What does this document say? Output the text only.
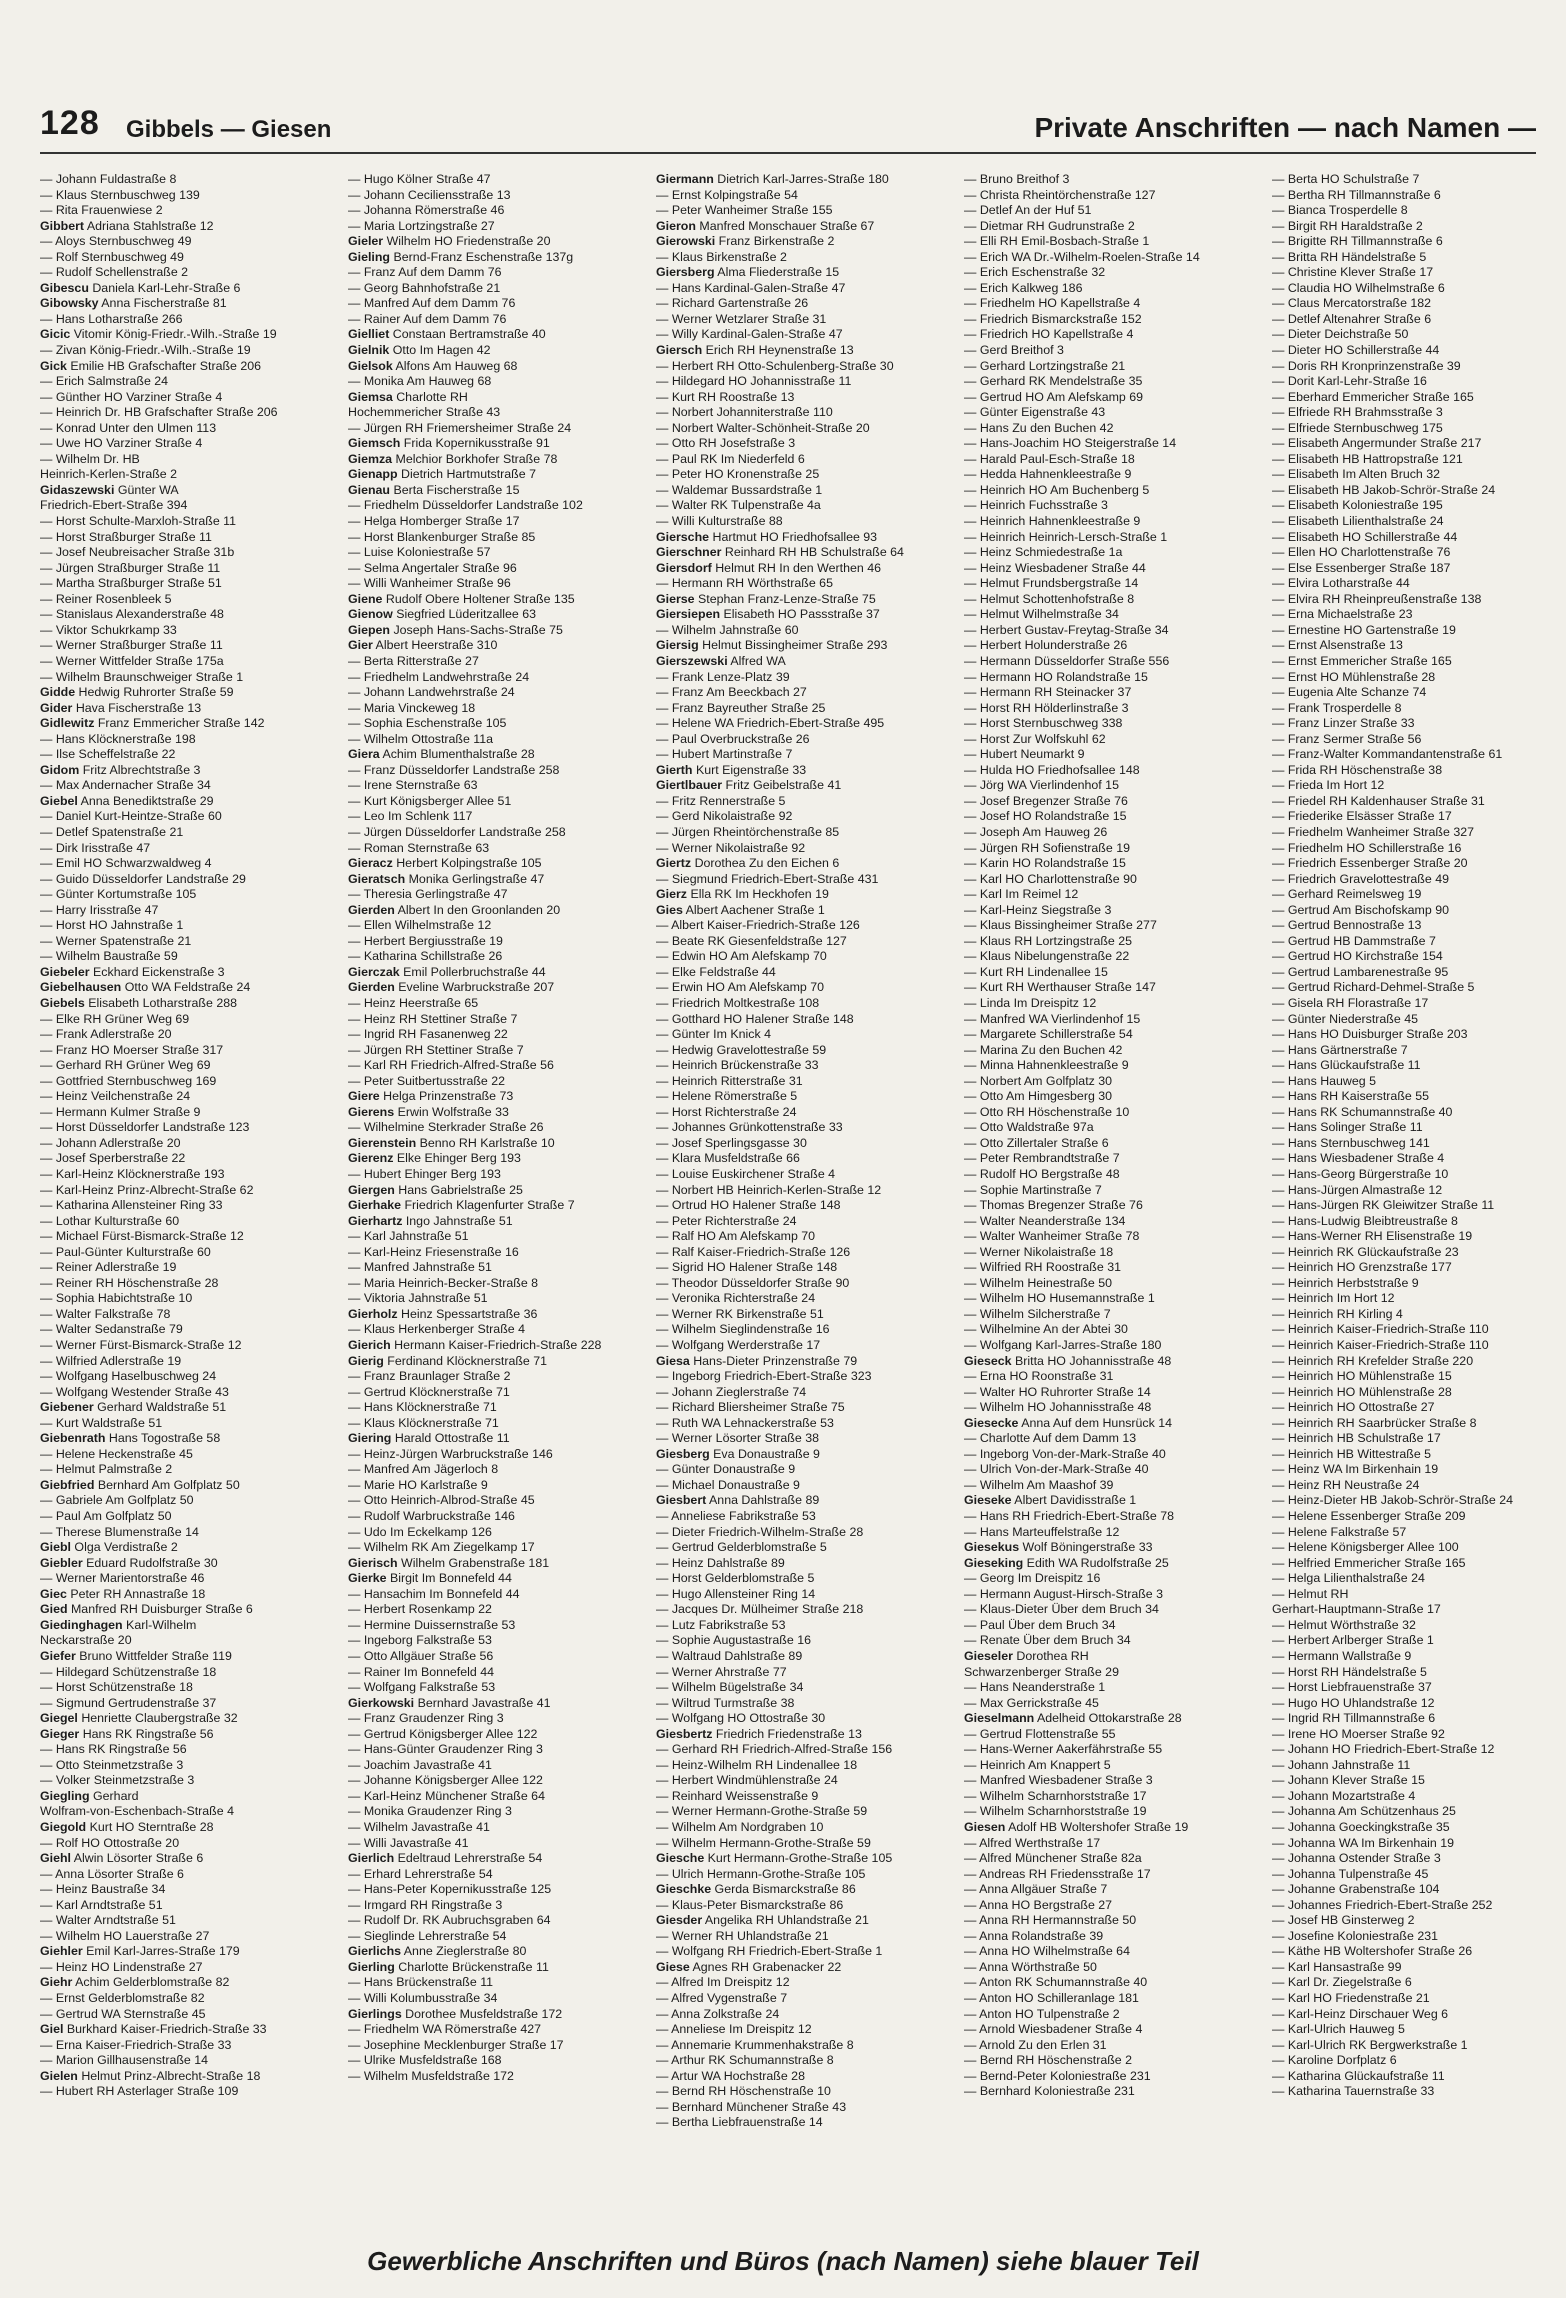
128 Gibbels — Giesen	Private Anschriften — nach Namen —
— Johann Fuldastraße 8
— Klaus Sternbuschweg 139
— Rita Frauenwiese 2
Gibbert Adriana Stahlstraße 12
— Aloys Sternbuschweg 49
— Rolf Sternbuschweg 49
— Rudolf Schellenstraße 2
Gibescu Daniela Karl-Lehr-Straße 6
Gibowsky Anna Fischerstraße 81
— Hans Lotharstraße 266
Gicic Vitomir König-Friedr.-Wilh.-Straße 19
— Zivan König-Friedr.-Wilh.-Straße 19
Gick Emilie HB Grafschafter Straße 206
— Erich Salmstraße 24
— Günther HO Varziner Straße 4
— Heinrich Dr. HB Grafschafter Straße 206
— Konrad Unter den Ulmen 113
— Uwe HO Varziner Straße 4
— Wilhelm Dr. HB
Heinrich-Kerlen-Straße 2
Gidaszewski Günter WA
Friedrich-Ebert-Straße 394
— Horst Schulte-Marxloh-Straße 11
— Horst Straßburger Straße 11
— Josef Neubreisacher Straße 31b
— Jürgen Straßburger Straße 11
— Martha Straßburger Straße 51
— Reiner Rosenbleek 5
— Stanislaus Alexanderstraße 48
— Viktor Schukrkamp 33
— Werner Straßburger Straße 11
— Werner Wittfelder Straße 175a
— Wilhelm Braunschweiger Straße 1
Gidde Hedwig Ruhrorter Straße 59
Gider Hava Fischerstraße 13
Gidlewitz Franz Emmericher Straße 142
— Hans Klöcknerstraße 198
— Ilse Scheffelstraße 22
Gidom Fritz Albrechtstraße 3
— Max Andernacher Straße 34
Giebel Anna Benediktstraße 29
— Daniel Kurt-Heintze-Straße 60
— Detlef Spatenstraße 21
— Dirk Irisstraße 47
— Emil HO Schwarzwaldweg 4
— Guido Düsseldorfer Landstraße 29
— Günter Kortumstraße 105
— Harry Irisstraße 47
— Horst HO Jahnstraße 1
— Werner Spatenstraße 21
— Wilhelm Baustraße 59
Giebeler Eckhard Eickenstraße 3
Giebelhausen Otto WA Feldstraße 24
Giebels Elisabeth Lotharstraße 288
— Elke RH Grüner Weg 69
— Frank Adlerstraße 20
— Franz HO Moerser Straße 317
— Gerhard RH Grüner Weg 69
— Gottfried Sternbuschweg 169
— Heinz Veilchenstraße 24
— Hermann Kulmer Straße 9
— Horst Düsseldorfer Landstraße 123
— Johann Adlerstraße 20
— Josef Sperberstraße 22
— Karl-Heinz Klöcknerstraße 193
— Karl-Heinz Prinz-Albrecht-Straße 62
— Katharina Allensteiner Ring 33
— Lothar Kulturstraße 60
— Michael Fürst-Bismarck-Straße 12
— Paul-Günter Kulturstraße 60
— Reiner Adlerstraße 19
— Reiner RH Höschenstraße 28
— Sophia Habichtstraße 10
— Walter Falkstraße 78
— Walter Sedanstraße 79
— Werner Fürst-Bismarck-Straße 12
— Wilfried Adlerstraße 19
— Wolfgang Haselbuschweg 24
— Wolfgang Westender Straße 43
Giebener Gerhard Waldstraße 51
— Kurt Waldstraße 51
Giebenrath Hans Togostraße 58
— Helene Heckenstraße 45
— Helmut Palmstraße 2
Giebfried Bernhard Am Golfplatz 50
— Gabriele Am Golfplatz 50
— Paul Am Golfplatz 50
— Therese Blumenstraße 14
Giebl Olga Verdistraße 2
Giebler Eduard Rudolfstraße 30
— Werner Marientorstraße 46
Giec Peter RH Annastraße 18
Gied Manfred RH Duisburger Straße 6
Giedinghagen Karl-Wilhelm
Neckarstraße 20
Giefer Bruno Wittfelder Straße 119
— Hildegard Schützenstraße 18
— Horst Schützenstraße 18
— Sigmund Gertrudenstraße 37
Giegel Henriette Claubergstraße 32
Gieger Hans RK Ringstraße 56
— Hans RK Ringstraße 56
— Otto Steinmetzstraße 3
— Volker Steinmetzstraße 3
Giegling Gerhard
Wolfram-von-Eschenbach-Straße 4
Giegold Kurt HO Sterntraße 28
— Rolf HO Ottostraße 20
Giehl Alwin Lösorter Straße 6
— Anna Lösorter Straße 6
— Heinz Baustraße 34
— Karl Arndtstraße 51
— Walter Arndtstraße 51
— Wilhelm HO Lauerstraße 27
Giehler Emil Karl-Jarres-Straße 179
— Heinz HO Lindenstraße 27
Giehr Achim Gelderblomstraße 82
— Ernst Gelderblomstraße 82
— Gertrud WA Sternstraße 45
Giel Burkhard Kaiser-Friedrich-Straße 33
— Erna Kaiser-Friedrich-Straße 33
— Marion Gillhausenstraße 14
Gielen Helmut Prinz-Albrecht-Straße 18
— Hubert RH Asterlager Straße 109
— Hugo Kölner Straße 47
— Johann Ceciliensstraße 13
— Johanna Römerstraße 46
— Maria Lortzingstraße 27
Gieler Wilhelm HO Friedenstraße 20
Gieling Bernd-Franz Eschenstraße 137g
— Franz Auf dem Damm 76
— Georg Bahnhofstraße 21
— Manfred Auf dem Damm 76
— Rainer Auf dem Damm 76
Gielliet Constaan Bertramstraße 40
Gielnik Otto Im Hagen 42
Gielsok Alfons Am Hauweg 68
— Monika Am Hauweg 68
Giemsa Charlotte RH
Hochemmericher Straße 43
— Jürgen RH Friemersheimer Straße 24
Giemsch Frida Kopernikusstraße 91
Giemza Melchior Borkhofer Straße 78
Gienapp Dietrich Hartmutstraße 7
Gienau Berta Fischerstraße 15
— Friedhelm Düsseldorfer Landstraße 102
— Helga Homberger Straße 17
— Horst Blankenburger Straße 85
— Luise Koloniestraße 57
— Selma Angertaler Straße 96
— Willi Wanheimer Straße 96
Giene Rudolf Obere Holtener Straße 135
Gienow Siegfried Lüderitzallee 63
Giepen Joseph Hans-Sachs-Straße 75
Gier Albert Heerstraße 310
— Berta Ritterstraße 27
— Friedhelm Landwehrstraße 24
— Johann Landwehrstraße 24
— Maria Vinckeweg 18
— Sophia Eschenstraße 105
— Wilhelm Ottostraße 11a
Giera Achim Blumenthalstraße 28
— Franz Düsseldorfer Landstraße 258
— Irene Sternstraße 63
— Kurt Königsberger Allee 51
— Leo Im Schlenk 117
— Jürgen Düsseldorfer Landstraße 258
— Roman Sternstraße 63
Gieracz Herbert Kolpingstraße 105
Gieratsch Monika Gerlingstraße 47
— Theresia Gerlingstraße 47
Gierden Albert In den Groonlanden 20
— Ellen Wilhelmstraße 12
— Herbert Bergiusstraße 19
— Katharina Schillstraße 26
Gierczak Emil Pollerbruchstraße 44
Gierden Eveline Warbruckstraße 207
— Heinz Heerstraße 65
— Heinz RH Stettiner Straße 7
— Ingrid RH Fasanenweg 22
— Jürgen RH Stettiner Straße 7
— Karl RH Friedrich-Alfred-Straße 56
— Peter Suitbertusstraße 22
Giere Helga Prinzenstraße 73
Gierens Erwin Wolfstraße 33
— Wilhelmine Sterkrader Straße 26
Gierenstein Benno RH Karlstraße 10
Gierenz Elke Ehinger Berg 193
— Hubert Ehinger Berg 193
Giergen Hans Gabrielstraße 25
Gierhake Friedrich Klagenfurter Straße 7
Gierhartz Ingo Jahnstraße 51
— Karl Jahnstraße 51
— Karl-Heinz Friesenstraße 16
— Manfred Jahnstraße 51
— Maria Heinrich-Becker-Straße 8
— Viktoria Jahnstraße 51
Gierholz Heinz Spessartstraße 36
— Klaus Herkenberger Straße 4
Gierich Hermann Kaiser-Friedrich-Straße 228
Gierig Ferdinand Klöcknerstraße 71
— Franz Braunlager Straße 2
— Gertrud Klöcknerstraße 71
— Hans Klöcknerstraße 71
— Klaus Klöcknerstraße 71
Giering Harald Ottostraße 11
— Heinz-Jürgen Warbruckstraße 146
— Manfred Am Jägerloch 8
— Marie HO Karlstraße 9
— Otto Heinrich-Albrod-Straße 45
— Rudolf Warbruckstraße 146
— Udo Im Eckelkamp 126
— Wilhelm RK Am Ziegelkamp 17
Gierisch Wilhelm Grabenstraße 181
Gierke Birgit Im Bonnefeld 44
— Hansachim Im Bonnefeld 44
— Herbert Rosenkamp 22
— Hermine Duissernstraße 53
— Ingeborg Falkstraße 53
— Otto Allgäuer Straße 56
— Rainer Im Bonnefeld 44
— Wolfgang Falkstraße 53
Gierkowski Bernhard Javastraße 41
— Franz Graudenzer Ring 3
— Gertrud Königsberger Allee 122
— Hans-Günter Graudenzer Ring 3
— Joachim Javastraße 41
— Johanne Königsberger Allee 122
— Karl-Heinz Münchener Straße 64
— Monika Graudenzer Ring 3
— Wilhelm Javastraße 41
— Willi Javastraße 41
Gierlich Edeltraud Lehrerstraße 54
— Erhard Lehrerstraße 54
— Hans-Peter Kopernikusstraße 125
— Irmgard RH Ringstraße 3
— Rudolf Dr. RK Aubruchsgraben 64
— Sieglinde Lehrerstraße 54
Gierlichs Anne Zieglerstraße 80
Gierling Charlotte Brückenstraße 11
— Hans Brückenstraße 11
— Willi Kolumbusstraße 34
Gierlings Dorothee Musfeldstraße 172
— Friedhelm WA Römerstraße 427
— Josephine Mecklenburger Straße 17
— Ulrike Musfeldstraße 168
— Wilhelm Musfeldstraße 172
Giermann Dietrich Karl-Jarres-Straße 180
— Ernst Kolpingstraße 54
— Peter Wanheimer Straße 155
Gieron Manfred Monschauer Straße 67
Gierowski Franz Birkenstraße 2
— Klaus Birkenstraße 2
Giersberg Alma Fliederstraße 15
— Hans Kardinal-Galen-Straße 47
— Richard Gartenstraße 26
— Werner Wetzlarer Straße 31
— Willy Kardinal-Galen-Straße 47
Giersch Erich RH Heynenstraße 13
— Herbert RH Otto-Schulenberg-Straße 30
— Hildegard HO Johannisstraße 11
— Kurt RH Roostraße 13
— Norbert Johanniterstraße 110
— Norbert Walter-Schönheit-Straße 20
— Otto RH Josefstraße 3
— Paul RK Im Niederfeld 6
— Peter HO Kronenstraße 25
— Waldemar Bussardstraße 1
— Walter RK Tulpenstraße 4a
— Willi Kulturstraße 88
Giersche Hartmut HO Friedhofsallee 93
Gierschner Reinhard RH HB Schulstraße 64
Giersdorf Helmut RH In den Werthen 46
— Hermann RH Wörthstraße 65
Gierse Stephan Franz-Lenze-Straße 75
Giersiepen Elisabeth HO Passstraße 37
— Wilhelm Jahnstraße 60
Giersig Helmut Bissingheimer Straße 293
Gierszewski Alfred WA
— Frank Lenze-Platz 39
— Franz Am Beeckbach 27
— Franz Bayreuther Straße 25
— Helene WA Friedrich-Ebert-Straße 495
— Paul Overbruckstraße 26
— Hubert Martinstraße 7
Gierth Kurt Eigenstraße 33
Giertlbauer Fritz Geibelstraße 41
— Fritz Rennerstraße 5
— Gerd Nikolaistraße 92
— Jürgen Rheintörchenstraße 85
— Werner Nikolaistraße 92
Giertz Dorothea Zu den Eichen 6
— Siegmund Friedrich-Ebert-Straße 431
Gierz Ella RK Im Heckhofen 19
Gies Albert Aachener Straße 1
— Albert Kaiser-Friedrich-Straße 126
— Beate RK Giesenfeldstraße 127
— Edwin HO Am Alefskamp 70
— Elke Feldstraße 44
— Erwin HO Am Alefskamp 70
— Friedrich Moltkestraße 108
— Gotthard HO Halener Straße 148
— Günter Im Knick 4
— Hedwig Gravelottestraße 59
— Heinrich Brückenstraße 33
— Heinrich Ritterstraße 31
— Helene Römerstraße 5
— Horst Richterstraße 24
— Johannes Grünkottenstraße 33
— Josef Sperlingsgasse 30
— Klara Musfeldstraße 66
— Louise Euskirchener Straße 4
— Norbert HB Heinrich-Kerlen-Straße 12
— Ortrud HO Halener Straße 148
— Peter Richterstraße 24
— Ralf HO Am Alefskamp 70
— Ralf Kaiser-Friedrich-Straße 126
— Sigrid HO Halener Straße 148
— Theodor Düsseldorfer Straße 90
— Veronika Richterstraße 24
— Werner RK Birkenstraße 51
— Wilhelm Sieglindenstraße 16
— Wolfgang Werderstraße 17
Giesa Hans-Dieter Prinzenstraße 79
— Ingeborg Friedrich-Ebert-Straße 323
— Johann Zieglerstraße 74
— Richard Bliersheimer Straße 75
— Ruth WA Lehnackerstraße 53
— Werner Lösorter Straße 38
Giesberg Eva Donaustraße 9
— Günter Donaustraße 9
— Michael Donaustraße 9
Giesbert Anna Dahlstraße 89
— Anneliese Fabrikstraße 53
— Dieter Friedrich-Wilhelm-Straße 28
— Gertrud Gelderblomstraße 5
— Heinz Dahlstraße 89
— Horst Gelderblomstraße 5
— Hugo Allensteiner Ring 14
— Jacques Dr. Mülheimer Straße 218
— Lutz Fabrikstraße 53
— Sophie Augustastraße 16
— Waltraud Dahlstraße 89
— Werner Ahrstraße 77
— Wilhelm Bügelstraße 34
— Wiltrud Turmstraße 38
— Wolfgang HO Ottostraße 30
Giesbertz Friedrich Friedenstraße 13
— Gerhard RH Friedrich-Alfred-Straße 156
— Heinz-Wilhelm RH Lindenallee 18
— Herbert Windmühlenstraße 24
— Reinhard Weissenstraße 9
— Werner Hermann-Grothe-Straße 59
— Wilhelm Am Nordgraben 10
— Wilhelm Hermann-Grothe-Straße 59
Giesche Kurt Hermann-Grothe-Straße 105
— Ulrich Hermann-Grothe-Straße 105
Gieschke Gerda Bismarckstraße 86
— Klaus-Peter Bismarckstraße 86
Giesder Angelika RH Uhlandstraße 21
— Werner RH Uhlandstraße 21
— Wolfgang RH Friedrich-Ebert-Straße 1
Giese Agnes RH Grabenacker 22
— Alfred Im Dreispitz 12
— Alfred Vygenstraße 7
— Anna Zolkstraße 24
— Anneliese Im Dreispitz 12
— Annemarie Krummenhakstraße 8
— Arthur RK Schumannstraße 8
— Artur WA Hochstraße 28
— Bernd RH Höschenstraße 10
— Bernhard Münchener Straße 43
— Bertha Liebfrauenstraße 14
— Bruno Breithof 3
— Christa Rheintörchenstraße 127
— Detlef An der Huf 51
— Dietmar RH Gudrunstraße 2
— Elli RH Emil-Bosbach-Straße 1
— Erich WA Dr.-Wilhelm-Roelen-Straße 14
— Erich Eschenstraße 32
— Erich Kalkweg 186
— Friedhelm HO Kapellstraße 4
— Friedrich Bismarckstraße 152
— Friedrich HO Kapellstraße 4
— Gerd Breithof 3
— Gerhard Lortzingstraße 21
— Gerhard RK Mendelstraße 35
— Gertrud HO Am Alefskamp 69
— Günter Eigenstraße 43
— Hans Zu den Buchen 42
— Hans-Joachim HO Steigerstraße 14
— Harald Paul-Esch-Straße 18
— Hedda Hahnenkleestraße 9
— Heinrich HO Am Buchenberg 5
— Heinrich Fuchsstraße 3
— Heinrich Hahnenkleestraße 9
— Heinrich Heinrich-Lersch-Straße 1
— Heinz Schmiedestraße 1a
— Heinz Wiesbadener Straße 44
— Helmut Frundsbergstraße 14
— Helmut Schottenhofstraße 8
— Helmut Wilhelmstraße 34
— Herbert Gustav-Freytag-Straße 34
— Herbert Holunderstraße 26
— Hermann Düsseldorfer Straße 556
— Hermann HO Rolandstraße 15
— Hermann RH Steinacker 37
— Horst RH Hölderlinstraße 3
— Horst Sternbuschweg 338
— Horst Zur Wolfskuhl 62
— Hubert Neumarkt 9
— Hulda HO Friedhofsallee 148
— Jörg WA Vierlindenhof 15
— Josef Bregenzer Straße 76
— Josef HO Rolandstraße 15
— Joseph Am Hauweg 26
— Jürgen RH Sofienstraße 19
— Karin HO Rolandstraße 15
— Karl HO Charlottenstraße 90
— Karl Im Reimel 12
— Karl-Heinz Siegstraße 3
— Klaus Bissingheimer Straße 277
— Klaus RH Lortzingstraße 25
— Klaus Nibelungenstraße 22
— Kurt RH Lindenallee 15
— Kurt RH Werthauser Straße 147
— Linda Im Dreispitz 12
— Manfred WA Vierlindenhof 15
— Margarete Schillerstraße 54
— Marina Zu den Buchen 42
— Minna Hahnenkleestraße 9
— Norbert Am Golfplatz 30
— Otto Am Himgesberg 30
— Otto RH Höschenstraße 10
— Otto Waldstraße 97a
— Otto Zillertaler Straße 6
— Peter Rembrandtstraße 7
— Rudolf HO Bergstraße 48
— Sophie Martinstraße 7
— Thomas Bregenzer Straße 76
— Walter Neanderstraße 134
— Walter Wanheimer Straße 78
— Werner Nikolaistraße 18
— Wilfried RH Roostraße 31
— Wilhelm Heinestraße 50
— Wilhelm HO Husemannstraße 1
— Wilhelm Silcherstraße 7
— Wilhelmine An der Abtei 30
— Wolfgang Karl-Jarres-Straße 180
Gieseck Britta HO Johannisstraße 48
— Erna HO Roonstraße 31
— Walter HO Ruhrorter Straße 14
— Wilhelm HO Johannisstraße 48
Giesecke Anna Auf dem Hunsrück 14
— Charlotte Auf dem Damm 13
— Ingeborg Von-der-Mark-Straße 40
— Ulrich Von-der-Mark-Straße 40
— Wilhelm Am Maashof 39
Gieseke Albert Davidisstraße 1
— Hans RH Friedrich-Ebert-Straße 78
— Hans Marteuffelstraße 12
Giesekus Wolf Böningerstraße 33
Gieseking Edith WA Rudolfstraße 25
— Georg Im Dreispitz 16
— Hermann August-Hirsch-Straße 3
— Klaus-Dieter Über dem Bruch 34
— Paul Über dem Bruch 34
— Renate Über dem Bruch 34
Gieseler Dorothea RH
Schwarzenberger Straße 29
— Hans Neanderstraße 1
— Max Gerrickstraße 45
Gieselmann Adelheid Ottokarstraße 28
— Gertrud Flottenstraße 55
— Hans-Werner Aakerfährstraße 55
— Heinrich Am Knappert 5
— Manfred Wiesbadener Straße 3
— Wilhelm Scharnhorststraße 17
— Wilhelm Scharnhorststraße 19
Giesen Adolf HB Woltershofer Straße 19
— Alfred Werthstraße 17
— Alfred Münchener Straße 82a
— Andreas RH Friedensstraße 17
— Anna Allgäuer Straße 7
— Anna HO Bergstraße 27
— Anna RH Hermannstraße 50
— Anna Rolandstraße 39
— Anna HO Wilhelmstraße 64
— Anna Wörthstraße 50
— Anton RK Schumannstraße 40
— Anton HO Schilleranlage 181
— Anton HO Tulpenstraße 2
— Arnold Wiesbadener Straße 4
— Arnold Zu den Erlen 31
— Bernd RH Höschenstraße 2
— Bernd-Peter Koloniestraße 231
— Bernhard Koloniestraße 231
— Berta HO Schulstraße 7
— Bertha RH Tillmannstraße 6
— Bianca Trosperdelle 8
— Birgit RH Haraldstraße 2
— Brigitte RH Tillmannstraße 6
— Britta RH Händelstraße 5
— Christine Klever Straße 17
— Claudia HO Wilhelmstraße 6
— Claus Mercatorstraße 182
— Detlef Altenahrer Straße 6
— Dieter Deichstraße 50
— Dieter HO Schillerstraße 44
— Doris RH Kronprinzenstraße 39
— Dorit Karl-Lehr-Straße 16
— Eberhard Emmericher Straße 165
— Elfriede RH Brahmsstraße 3
— Elfriede Sternbuschweg 175
— Elisabeth Angermunder Straße 217
— Elisabeth HB Hattropstraße 121
— Elisabeth Im Alten Bruch 32
— Elisabeth HB Jakob-Schrör-Straße 24
— Elisabeth Koloniestraße 195
— Elisabeth Lilienthalstraße 24
— Elisabeth HO Schillerstraße 44
— Ellen HO Charlottenstraße 76
— Else Essenberger Straße 187
— Elvira Lotharstraße 44
— Elvira RH Rheinpreußenstraße 138
— Erna Michaelstraße 23
— Ernestine HO Gartenstraße 19
— Ernst Alsenstraße 13
— Ernst Emmericher Straße 165
— Ernst HO Mühlenstraße 28
— Eugenia Alte Schanze 74
— Frank Trosperdelle 8
— Franz Linzer Straße 33
— Franz Sermer Straße 56
— Franz-Walter Kommandantenstraße 61
— Frida RH Höschenstraße 38
— Frieda Im Hort 12
— Friedel RH Kaldenhauser Straße 31
— Friederike Elsässer Straße 17
— Friedhelm Wanheimer Straße 327
— Friedhelm HO Schillerstraße 16
— Friedrich Essenberger Straße 20
— Friedrich Gravelottestraße 49
— Gerhard Reimelsweg 19
— Gertrud Am Bischofskamp 90
— Gertrud Bennostraße 13
— Gertrud HB Dammstraße 7
— Gertrud HO Kirchstraße 154
— Gertrud Lambarenestraße 95
— Gertrud Richard-Dehmel-Straße 5
— Gisela RH Florastraße 17
— Günter Niederstraße 45
— Hans HO Duisburger Straße 203
— Hans Gärtnerstraße 7
— Hans Glückaufstraße 11
— Hans Hauweg 5
— Hans RH Kaiserstraße 55
— Hans RK Schumannstraße 40
— Hans Solinger Straße 11
— Hans Sternbuschweg 141
— Hans Wiesbadener Straße 4
— Hans-Georg Bürgerstraße 10
— Hans-Jürgen Almastraße 12
— Hans-Jürgen RK Gleiwitzer Straße 11
— Hans-Ludwig Bleibtreustraße 8
— Hans-Werner RH Elisenstraße 19
— Heinrich RK Glückaufstraße 23
— Heinrich HO Grenzstraße 177
— Heinrich Herbststraße 9
— Heinrich Im Hort 12
— Heinrich RH Kirling 4
— Heinrich Kaiser-Friedrich-Straße 110
— Heinrich Kaiser-Friedrich-Straße 110
— Heinrich RH Krefelder Straße 220
— Heinrich HO Mühlenstraße 15
— Heinrich HO Mühlenstraße 28
— Heinrich HO Ottostraße 27
— Heinrich RH Saarbrücker Straße 8
— Heinrich HB Schulstraße 17
— Heinrich HB Wittestraße 5
— Heinz WA Im Birkenhain 19
— Heinz RH Neustraße 24
— Heinz-Dieter HB Jakob-Schrör-Straße 24
— Helene Essenberger Straße 209
— Helene Falkstraße 57
— Helene Königsberger Allee 100
— Helfried Emmericher Straße 165
— Helga Lilienthalstraße 24
— Helmut RH
Gerhart-Hauptmann-Straße 17
— Helmut Wörthstraße 32
— Herbert Arlberger Straße 1
— Hermann Wallstraße 9
— Horst RH Händelstraße 5
— Horst Liebfrauenstraße 37
— Hugo HO Uhlandstraße 12
— Ingrid RH Tillmannstraße 6
— Irene HO Moerser Straße 92
— Johann HO Friedrich-Ebert-Straße 12
— Johann Jahnstraße 11
— Johann Klever Straße 15
— Johann Mozartstraße 4
— Johanna Am Schützenhaus 25
— Johanna Goeckingkstraße 35
— Johanna WA Im Birkenhain 19
— Johanna Ostender Straße 3
— Johanna Tulpenstraße 45
— Johanne Grabenstraße 104
— Johannes Friedrich-Ebert-Straße 252
— Josef HB Ginsterweg 2
— Josefine Koloniestraße 231
— Käthe HB Woltershofer Straße 26
— Karl Hansastraße 99
— Karl Dr. Ziegelstraße 6
— Karl HO Friedenstraße 21
— Karl-Heinz Dirschauer Weg 6
— Karl-Ulrich Hauweg 5
— Karl-Ulrich RK Bergwerkstraße 1
— Karoline Dorfplatz 6
— Katharina Glückaufstraße 11
— Katharina Tauernstraße 33
Gewerbliche Anschriften und Büros (nach Namen) siehe blauer Teil
